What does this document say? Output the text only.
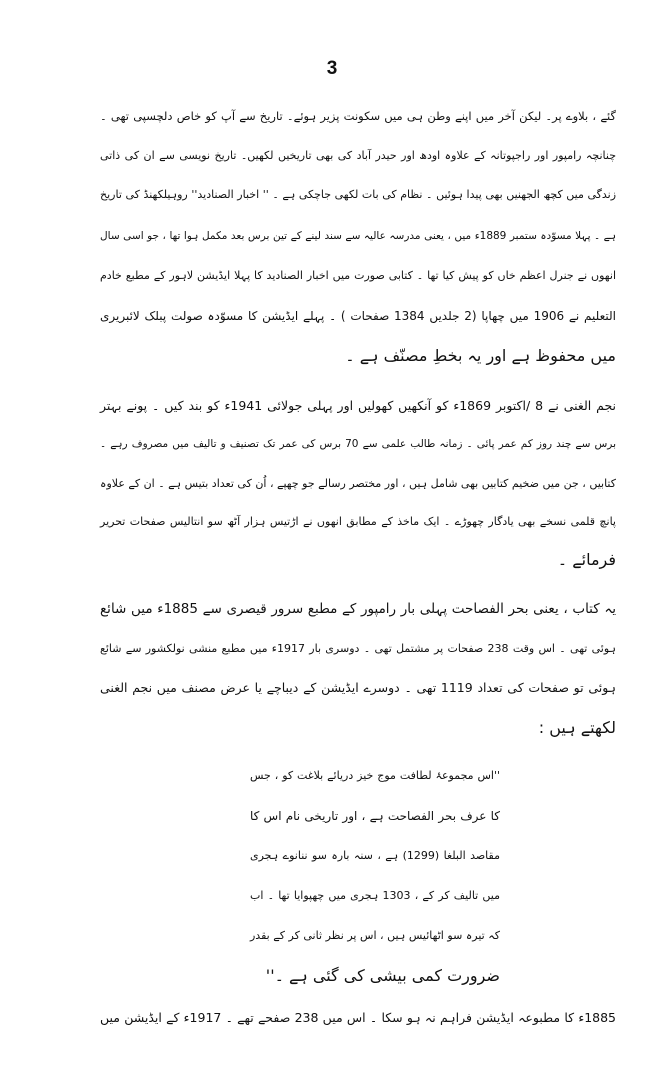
3
گئے ، بلاوے پر۔ لیکن آخر میں اپنے وطن ہی میں سکونت پزیر ہوئے۔ تاریخ سے آپ کو خاص دلچسپی تھی ۔
چنانچہ رامپور اور راجپوتانہ کے علاوہ اودھ اور حیدر آباد کی بھی تاریخیں لکھیں۔ تاریخ نویسی سے ان کی ذاتی
زندگی میں کچھ الجھنیں بھی پیدا ہوئیں ۔ نظام کی بات لکھی جاچکی ہے ۔ '' اخبار الصنادید'' روہیلکھنڈ کی تاریخ
ہے ۔ پہلا مسوّدہ ستمبر 1889ء میں ، یعنی مدرسہ عالیہ سے سند لینے کے تین برس بعد مکمل ہوا تھا ، جو اسی سال
انھوں نے جنرل اعظم خاں کو پیش کیا تھا ۔ کتابی صورت میں اخبار الصنادید کا پہلا ایڈیشن لاہور کے مطبع خادم
التعلیم نے 1906 میں چھاپا (2 جلدیں 1384 صفحات ) ۔ پہلے ایڈیشن کا مسوّدہ صولت پبلک لائبریری
میں محفوظ ہے اور یہ بخطِ مصنّف ہے ۔
نجم الغنی نے 8 /اکتوبر 1869ء کو آنکھیں کھولیں اور پہلی جولائی 1941ء کو بند کیں ۔ پونے بہتر
برس سے چند روز کم عمر پائی ۔ زمانہ طالب علمی سے 70 برس کی عمر تک تصنیف و تالیف میں مصروف رہے ۔
کتابیں ، جن میں ضخیم کتابیں بھی شامل ہیں ، اور مختصر رسالے جو چھپے ، اُن کی تعداد بتیس ہے ۔ ان کے علاوہ
پانچ قلمی نسخے بھی یادگار چھوڑے ۔ ایک ماخذ کے مطابق انھوں نے اڑتیس ہزار آٹھ سو انتالیس صفحات تحریر
فرمائے ۔
یہ کتاب ، یعنی بحر الفصاحت پہلی بار رامپور کے مطبع سرور قیصری سے 1885ء میں شائع
ہوئی تھی ۔ اس وقت 238 صفحات پر مشتمل تھی ۔ دوسری بار 1917ء میں مطبع منشی نولکشور سے شائع
ہوئی تو صفحات کی تعداد 1119 تھی ۔ دوسرے ایڈیشن کے دیباچے یا عرض مصنف میں نجم الغنی
لکھتے ہیں :
''اس مجموعۂ لطافت موج خیز دریائے بلاغت کو ، جس
کا عرف بحر الفصاحت ہے ، اور تاریخی نام اس کا
مقاصد البلغا (1299) ہے ، سنہ بارہ سو ننانوے ہجری
میں تالیف کر کے ، 1303 ہجری میں چھپوایا تھا ۔ اب
کہ تیرہ سو اٹھائیس ہیں ، اس پر نظر ثانی کر کے بقدر
ضرورت کمی بیشی کی گئی ہے ۔''
1885ء کا مطبوعہ ایڈیشن فراہم نہ ہو سکا ۔ اس میں 238 صفحے تھے ۔ 1917ء کے ایڈیشن میں
